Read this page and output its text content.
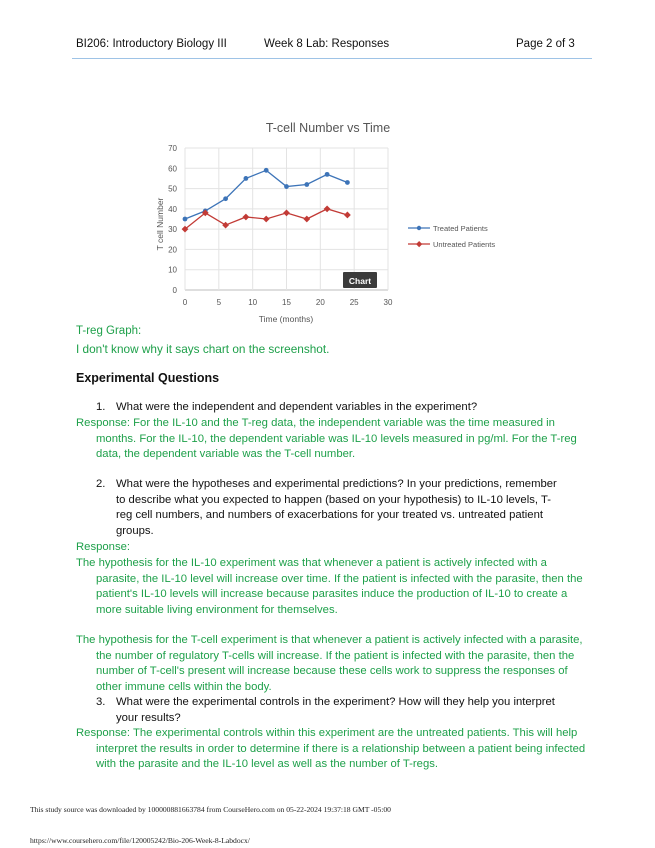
BI206: Introductory Biology III	Week 8 Lab: Responses	Page 2 of 3
T-cell Number vs Time
0
10
20
30
40
50
60
70
0	5	10	15	20	25	30
T cell Number
Time (months)
Treated Patients
Untreated Patients
Chart
T-reg Graph:
I don't know why it says chart on the screenshot.
Experimental Questions
1. What were the independent and dependent variables in the experiment?
Response: For the IL-10 and the T-reg data, the independent variable was the time measured in months. For the IL-10, the dependent variable was IL-10 levels measured in pg/ml. For the T-reg data, the dependent variable was the T-cell number.
2. What were the hypotheses and experimental predictions? In your predictions, remember to describe what you expected to happen (based on your hypothesis) to IL-10 levels, T-reg cell numbers, and numbers of exacerbations for your treated vs. untreated patient groups.
Response:
The hypothesis for the IL-10 experiment was that whenever a patient is actively infected with a parasite, the IL-10 level will increase over time. If the patient is infected with the parasite, then the patient's IL-10 levels will increase because parasites induce the production of IL-10 to create a more suitable living environment for themselves.
The hypothesis for the T-cell experiment is that whenever a patient is actively infected with a parasite, the number of regulatory T-cells will increase. If the patient is infected with the parasite, then the number of T-cell's present will increase because these cells work to suppress the responses of other immune cells within the body.
3. What were the experimental controls in the experiment? How will they help you interpret your results?
Response: The experimental controls within this experiment are the untreated patients. This will help interpret the results in order to determine if there is a relationship between a patient being infected with the parasite and the IL-10 level as well as the number of T-regs.
This study source was downloaded by 100000881663784 from CourseHero.com on 05-22-2024 19:37:18 GMT -05:00
https://www.coursehero.com/file/120005242/Bio-206-Week-8-Labdocx/
